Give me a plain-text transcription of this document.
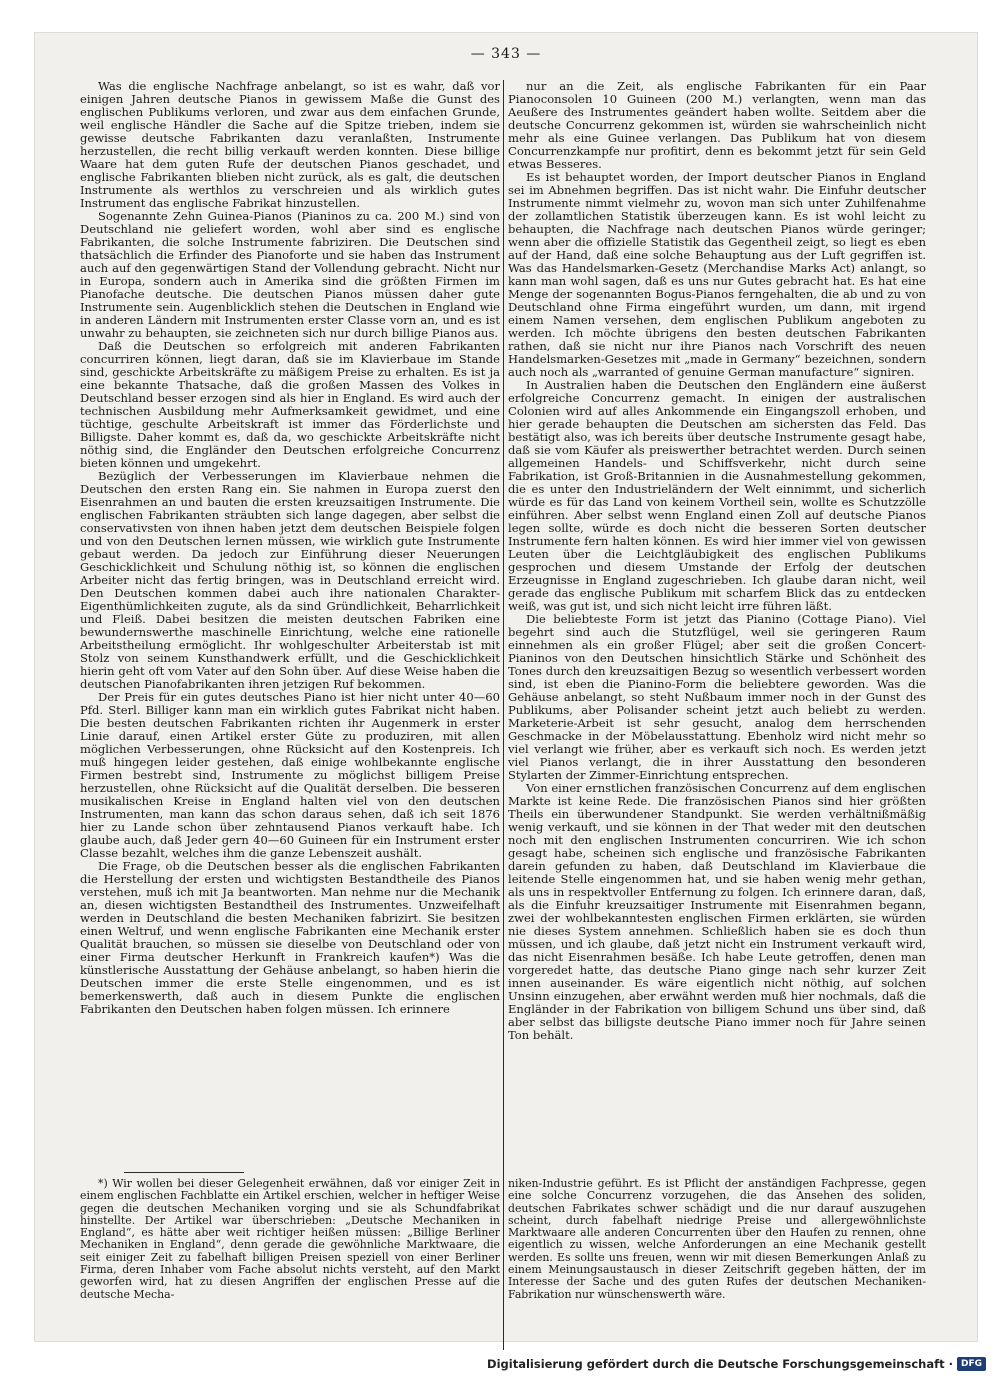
— 343 —

Was die englische Nachfrage anbelangt, so ist es wahr, daß vor einigen Jahren deutsche Pianos in gewissem Maße die Gunst des englischen Publikums verloren, und zwar aus dem einfachen Grunde, weil englische Händler die Sache auf die Spitze trieben, indem sie gewisse deutsche Fabrikanten dazu veranlaßten, Instrumente herzustellen, die recht billig verkauft werden konnten. Diese billige Waare hat dem guten Rufe der deutschen Pianos geschadet, und englische Fabrikanten blieben nicht zurück, als es galt, die deutschen Instrumente als werthlos zu verschreien und als wirklich gutes Instrument das englische Fabrikat hinzustellen.

Sogenannte Zehn Guinea-Pianos (Pianinos zu ca. 200 M.) sind von Deutschland nie geliefert worden, wohl aber sind es englische Fabrikanten, die solche Instrumente fabriziren. Die Deutschen sind thatsächlich die Erfinder des Pianoforte und sie haben das Instrument auch auf den gegenwärtigen Stand der Vollendung gebracht. Nicht nur in Europa, sondern auch in Amerika sind die größten Firmen im Pianofache deutsche. Die deutschen Pianos müssen daher gute Instrumente sein. Augenblicklich stehen die Deutschen in England wie in anderen Ländern mit Instrumenten erster Classe vorn an, und es ist unwahr zu behaupten, sie zeichneten sich nur durch billige Pianos aus.

Daß die Deutschen so erfolgreich mit anderen Fabrikanten concurriren können, liegt daran, daß sie im Klavierbaue im Stande sind, geschickte Arbeitskräfte zu mäßigem Preise zu erhalten. Es ist ja eine bekannte Thatsache, daß die großen Massen des Volkes in Deutschland besser erzogen sind als hier in England. Es wird auch der technischen Ausbildung mehr Aufmerksamkeit gewidmet, und eine tüchtige, geschulte Arbeitskraft ist immer das Förderlichste und Billigste. Daher kommt es, daß da, wo geschickte Arbeitskräfte nicht nöthig sind, die Engländer den Deutschen erfolgreiche Concurrenz bieten können und umgekehrt.

Bezüglich der Verbesserungen im Klavierbaue nehmen die Deutschen den ersten Rang ein. Sie nahmen in Europa zuerst den Eisenrahmen an und bauten die ersten kreuzsaitigen Instrumente. Die englischen Fabrikanten sträubten sich lange dagegen, aber selbst die conservativsten von ihnen haben jetzt dem deutschen Beispiele folgen und von den Deutschen lernen müssen, wie wirklich gute Instrumente gebaut werden. Da jedoch zur Einführung dieser Neuerungen Geschicklichkeit und Schulung nöthig ist, so können die englischen Arbeiter nicht das fertig bringen, was in Deutschland erreicht wird. Den Deutschen kommen dabei auch ihre nationalen Charakter-Eigenthümlichkeiten zugute, als da sind Gründlichkeit, Beharrlichkeit und Fleiß. Dabei besitzen die meisten deutschen Fabriken eine bewundernswerthe maschinelle Einrichtung, welche eine rationelle Arbeitstheilung ermöglicht. Ihr wohlgeschulter Arbeiterstab ist mit Stolz von seinem Kunsthandwerk erfüllt, und die Geschicklichkeit hierin geht oft vom Vater auf den Sohn über. Auf diese Weise haben die deutschen Pianofabrikanten ihren jetzigen Ruf bekommen.

Der Preis für ein gutes deutsches Piano ist hier nicht unter 40—60 Pfd. Sterl. Billiger kann man ein wirklich gutes Fabrikat nicht haben. Die besten deutschen Fabrikanten richten ihr Augenmerk in erster Linie darauf, einen Artikel erster Güte zu produziren, mit allen möglichen Verbesserungen, ohne Rücksicht auf den Kostenpreis. Ich muß hingegen leider gestehen, daß einige wohlbekannte englische Firmen bestrebt sind, Instrumente zu möglichst billigem Preise herzustellen, ohne Rücksicht auf die Qualität derselben. Die besseren musikalischen Kreise in England halten viel von den deutschen Instrumenten, man kann das schon daraus sehen, daß ich seit 1876 hier zu Lande schon über zehntausend Pianos verkauft habe. Ich glaube auch, daß Jeder gern 40—60 Guineen für ein Instrument erster Classe bezahlt, welches ihm die ganze Lebenszeit aushält.

Die Frage, ob die Deutschen besser als die englischen Fabrikanten die Herstellung der ersten und wichtigsten Bestandtheile des Pianos verstehen, muß ich mit Ja beantworten. Man nehme nur die Mechanik an, diesen wichtigsten Bestandtheil des Instrumentes. Unzweifelhaft werden in Deutschland die besten Mechaniken fabrizirt. Sie besitzen einen Weltruf, und wenn englische Fabrikanten eine Mechanik erster Qualität brauchen, so müssen sie dieselbe von Deutschland oder von einer Firma deutscher Herkunft in Frankreich kaufen*) Was die künstlerische Ausstattung der Gehäuse anbelangt, so haben hierin die Deutschen immer die erste Stelle eingenommen, und es ist bemerkenswerth, daß auch in diesem Punkte die englischen Fabrikanten den Deutschen haben folgen müssen. Ich erinnere

nur an die Zeit, als englische Fabrikanten für ein Paar Pianoconsolen 10 Guineen (200 M.) verlangten, wenn man das Aeußere des Instrumentes geändert haben wollte. Seitdem aber die deutsche Concurrenz gekommen ist, würden sie wahrscheinlich nicht mehr als eine Guinee verlangen. Das Publikum hat von diesem Concurrenzkampfe nur profitirt, denn es bekommt jetzt für sein Geld etwas Besseres.

Es ist behauptet worden, der Import deutscher Pianos in England sei im Abnehmen begriffen. Das ist nicht wahr. Die Einfuhr deutscher Instrumente nimmt vielmehr zu, wovon man sich unter Zuhilfenahme der zollamtlichen Statistik überzeugen kann. Es ist wohl leicht zu behaupten, die Nachfrage nach deutschen Pianos würde geringer; wenn aber die offizielle Statistik das Gegentheil zeigt, so liegt es eben auf der Hand, daß eine solche Behauptung aus der Luft gegriffen ist. Was das Handelsmarken-Gesetz (Merchandise Marks Act) anlangt, so kann man wohl sagen, daß es uns nur Gutes gebracht hat. Es hat eine Menge der sogenannten Bogus-Pianos ferngehalten, die ab und zu von Deutschland ohne Firma eingeführt wurden, um dann, mit irgend einem Namen versehen, dem englischen Publikum angeboten zu werden. Ich möchte übrigens den besten deutschen Fabrikanten rathen, daß sie nicht nur ihre Pianos nach Vorschrift des neuen Handelsmarken-Gesetzes mit „made in Germany“ bezeichnen, sondern auch noch als „warranted of genuine German manufacture“ signiren.

In Australien haben die Deutschen den Engländern eine äußerst erfolgreiche Concurrenz gemacht. In einigen der australischen Colonien wird auf alles Ankommende ein Eingangszoll erhoben, und hier gerade behaupten die Deutschen am sichersten das Feld. Das bestätigt also, was ich bereits über deutsche Instrumente gesagt habe, daß sie vom Käufer als preiswerther betrachtet werden. Durch seinen allgemeinen Handels- und Schiffsverkehr, nicht durch seine Fabrikation, ist Groß-Britannien in die Ausnahmestellung gekommen, die es unter den Industrieländern der Welt einnimmt, und sicherlich würde es für das Land von keinem Vortheil sein, wollte es Schutzzölle einführen. Aber selbst wenn England einen Zoll auf deutsche Pianos legen sollte, würde es doch nicht die besseren Sorten deutscher Instrumente fern halten können. Es wird hier immer viel von gewissen Leuten über die Leichtgläubigkeit des englischen Publikums gesprochen und diesem Umstande der Erfolg der deutschen Erzeugnisse in England zugeschrieben. Ich glaube daran nicht, weil gerade das englische Publikum mit scharfem Blick das zu entdecken weiß, was gut ist, und sich nicht leicht irre führen läßt.

Die beliebteste Form ist jetzt das Pianino (Cottage Piano). Viel begehrt sind auch die Stutzflügel, weil sie geringeren Raum einnehmen als ein großer Flügel; aber seit die großen Concert-Pianinos von den Deutschen hinsichtlich Stärke und Schönheit des Tones durch den kreuzsaitigen Bezug so wesentlich verbessert worden sind, ist eben die Pianino-Form die beliebtere geworden. Was die Gehäuse anbelangt, so steht Nußbaum immer noch in der Gunst des Publikums, aber Polisander scheint jetzt auch beliebt zu werden. Marketerie-Arbeit ist sehr gesucht, analog dem herrschenden Geschmacke in der Möbelausstattung. Ebenholz wird nicht mehr so viel verlangt wie früher, aber es verkauft sich noch. Es werden jetzt viel Pianos verlangt, die in ihrer Ausstattung den besonderen Stylarten der Zimmer-Einrichtung entsprechen.

Von einer ernstlichen französischen Concurrenz auf dem englischen Markte ist keine Rede. Die französischen Pianos sind hier größten Theils ein überwundener Standpunkt. Sie werden verhältnißmäßig wenig verkauft, und sie können in der That weder mit den deutschen noch mit den englischen Instrumenten concurriren. Wie ich schon gesagt habe, scheinen sich englische und französische Fabrikanten darein gefunden zu haben, daß Deutschland im Klavierbaue die leitende Stelle eingenommen hat, und sie haben wenig mehr gethan, als uns in respektvoller Entfernung zu folgen. Ich erinnere daran, daß, als die Einfuhr kreuzsaitiger Instrumente mit Eisenrahmen begann, zwei der wohlbekanntesten englischen Firmen erklärten, sie würden nie dieses System annehmen. Schließlich haben sie es doch thun müssen, und ich glaube, daß jetzt nicht ein Instrument verkauft wird, das nicht Eisenrahmen besäße. Ich habe Leute getroffen, denen man vorgeredet hatte, das deutsche Piano ginge nach sehr kurzer Zeit innen auseinander. Es wäre eigentlich nicht nöthig, auf solchen Unsinn einzugehen, aber erwähnt werden muß hier nochmals, daß die Engländer in der Fabrikation von billigem Schund uns über sind, daß aber selbst das billigste deutsche Piano immer noch für Jahre seinen Ton behält.

*) Wir wollen bei dieser Gelegenheit erwähnen, daß vor einiger Zeit in einem englischen Fachblatte ein Artikel erschien, welcher in heftiger Weise gegen die deutschen Mechaniken vorging und sie als Schundfabrikat hinstellte. Der Artikel war überschrieben: „Deutsche Mechaniken in England“, es hätte aber weit richtiger heißen müssen: „Billige Berliner Mechaniken in England“, denn gerade die gewöhnliche Marktwaare, die seit einiger Zeit zu fabelhaft billigen Preisen speziell von einer Berliner Firma, deren Inhaber vom Fache absolut nichts versteht, auf den Markt geworfen wird, hat zu diesen Angriffen der englischen Presse auf die deutsche Mecha-

niken-Industrie geführt. Es ist Pflicht der anständigen Fachpresse, gegen eine solche Concurrenz vorzugehen, die das Ansehen des soliden, deutschen Fabrikates schwer schädigt und die nur darauf auszugehen scheint, durch fabelhaft niedrige Preise und allergewöhnlichste Marktwaare alle anderen Concurrenten über den Haufen zu rennen, ohne eigentlich zu wissen, welche Anforderungen an eine Mechanik gestellt werden. Es sollte uns freuen, wenn wir mit diesen Bemerkungen Anlaß zu einem Meinungsaustausch in dieser Zeitschrift gegeben hätten, der im Interesse der Sache und des guten Rufes der deutschen Mechaniken-Fabrikation nur wünschenswerth wäre.

Digitalisierung gefördert durch die Deutsche Forschungsgemeinschaft · DFG
